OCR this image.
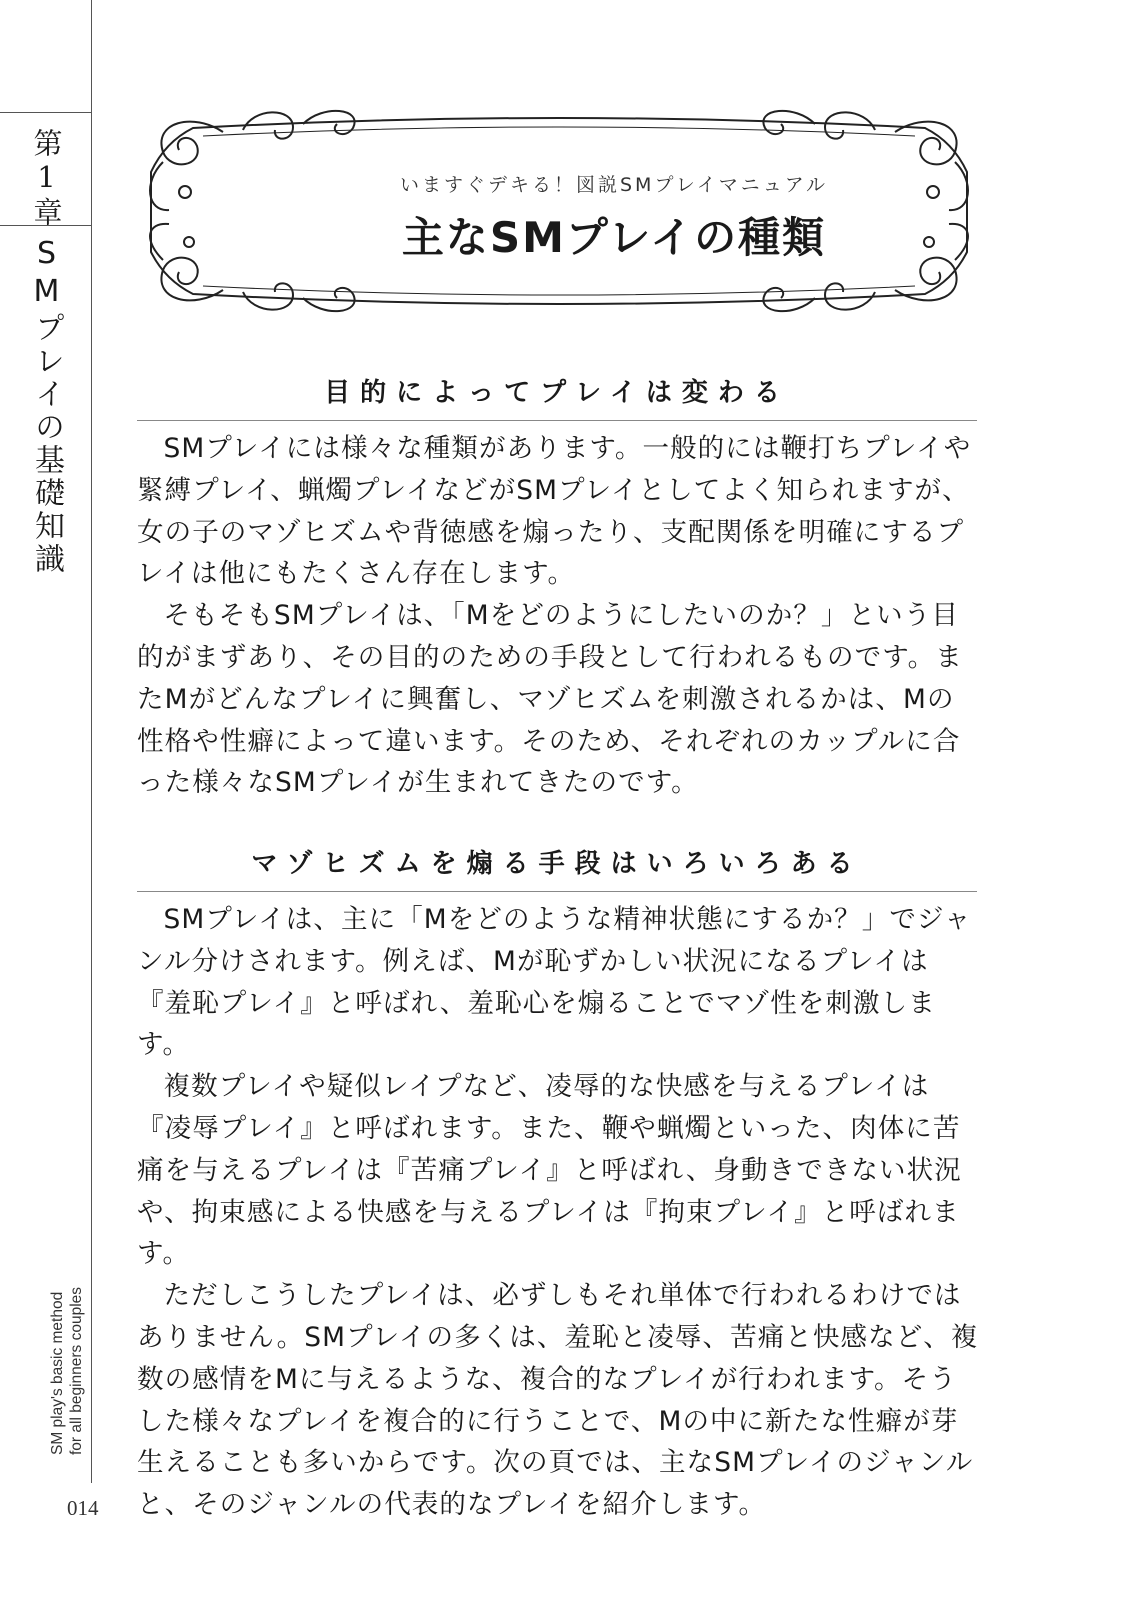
第1章
SMプレイの基礎知識
SM play's basic method for all beginners couples
014
いますぐデキる！図説SMプレイマニュアル
主なSMプレイの種類
目的によってプレイは変わる

SMプレイには様々な種類があります。一般的には鞭打ちプレイや緊縛プレイ、蝋燭プレイなどがSMプレイとしてよく知られますが、女の子のマゾヒズムや背徳感を煽ったり、支配関係を明確にするプレイは他にもたくさん存在します。

そもそもSMプレイは、「Mをどのようにしたいのか？」という目的がまずあり、その目的のための手段として行われるものです。またMがどんなプレイに興奮し、マゾヒズムを刺激されるかは、Mの性格や性癖によって違います。そのため、それぞれのカップルに合った様々なSMプレイが生まれてきたのです。

マゾヒズムを煽る手段はいろいろある

SMプレイは、主に「Mをどのような精神状態にするか？」でジャンル分けされます。例えば、Mが恥ずかしい状況になるプレイは『羞恥プレイ』と呼ばれ、羞恥心を煽ることでマゾ性を刺激します。

複数プレイや疑似レイプなど、凌辱的な快感を与えるプレイは『凌辱プレイ』と呼ばれます。また、鞭や蝋燭といった、肉体に苦痛を与えるプレイは『苦痛プレイ』と呼ばれ、身動きできない状況や、拘束感による快感を与えるプレイは『拘束プレイ』と呼ばれます。

ただしこうしたプレイは、必ずしもそれ単体で行われるわけではありません。SMプレイの多くは、羞恥と凌辱、苦痛と快感など、複数の感情をMに与えるような、複合的なプレイが行われます。そうした様々なプレイを複合的に行うことで、Mの中に新たな性癖が芽生えることも多いからです。次の頁では、主なSMプレイのジャンルと、そのジャンルの代表的なプレイを紹介します。
